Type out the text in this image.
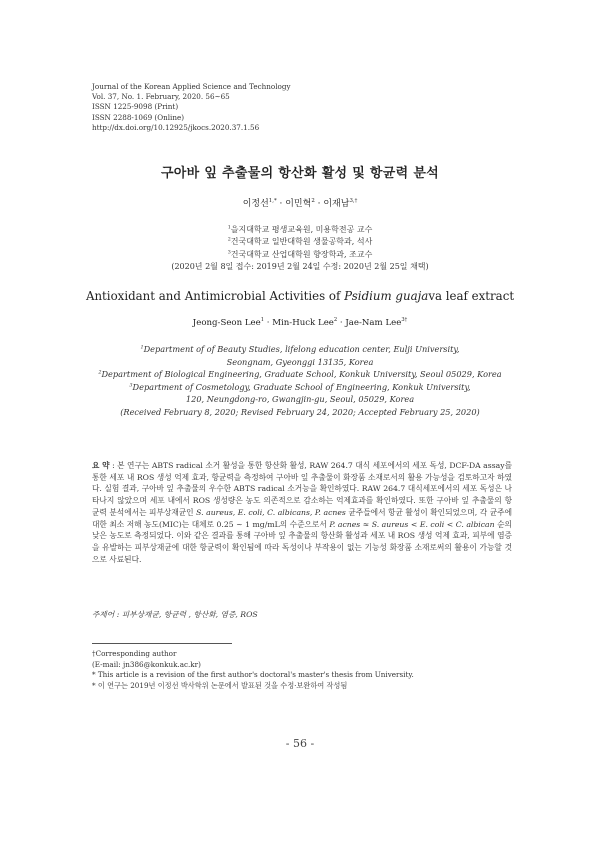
Journal of the Korean Applied Science and Technology
Vol. 37, No. 1. February, 2020. 56~65
ISSN 1225-9098 (Print)
ISSN 2288-1069 (Online)
http://dx.doi.org/10.12925/jkocs.2020.37.1.56
구아바 잎 추출물의 항산화 활성 및 항균력 분석
이정선$^{1,*}$ · 이민혁$^2$ · 이재남$^{3,\dagger}$
$^1$을지대학교 평생교육원, 미용학전공 교수
$^2$건국대학교 일반대학원 생물공학과, 석사
$^3$건국대학교 산업대학원 향장학과, 조교수
(2020년 2월 8일 접수: 2019년 2월 24일 수정: 2020년 2월 25일 채택)
Antioxidant and Antimicrobial Activities of Psidium guajava leaf extract
Jeong-Seon Lee$^1$ · Min-Huck Lee$^2$ · Jae-Nam Lee$^{3\dagger}$
$^1$Department of of Beauty Studies, lifelong education center, Eulji University,
Seongnam, Gyeonggi 13135, Korea
$^2$Department of Biological Engineering, Graduate School, Konkuk University, Seoul 05029, Korea
$^3$Department of Cosmetology, Graduate School of Engineering, Konkuk University,
120, Neungdong-ro, Gwangjin-gu, Seoul, 05029, Korea
(Received February 8, 2020; Revised February 24, 2020; Accepted February 25, 2020)
요 약 : 본 연구는 ABTS radical 소거 활성을 통한 항산화 활성, RAW 264.7 대식 세포에서의 세포 독성, DCF-DA assay를 통한 세포 내 ROS 생성 억제 효과, 항균력을 측정하여 구아바 잎 추출물이 화장품 소재로서의 활용 가능성을 검토하고자 하였다. 실험 결과, 구아바 잎 추출물의 우수한 ABTS radical 소거능을 확인하였다. RAW 264.7 대식세포에서의 세포 독성은 나타나지 않았으며 세포 내에서 ROS 생성량은 농도 의존적으로 감소하는 억제효과를 확인하였다. 또한 구아바 잎 추출물의 항균력 분석에서는 피부상재균인 S. aureus, E. coli, C. albicans, P. acnes 균주들에서 항균 활성이 확인되었으며, 각 균주에 대한 최소 저해 농도(MIC)는 대체로 0.25 ~ 1 mg/mL의 수준으로서 P. acnes ≈ S. aureus < E. coli < C. albican 순의 낮은 농도로 측정되었다. 이와 같은 결과를 통해 구아바 잎 추출물의 항산화 활성과 세포 내 ROS 생성 억제 효과, 피부에 염증을 유발하는 피부상재균에 대한 항균력이 확인됨에 따라 독성이나 부작용이 없는 기능성 화장품 소재로써의 활용이 가능할 것으로 사료된다.
주제어 : 피부상재균, 항균력 , 항산화, 염증, ROS
†Corresponding author
(E-mail: jn386@konkuk.ac.kr)
* This article is a revision of the first author's doctoral's master's thesis from University.
* 이 연구는 2019년 이정선 박사학위 논문에서 발표된 것을 수정·보완하여 작성됨
- 56 -
